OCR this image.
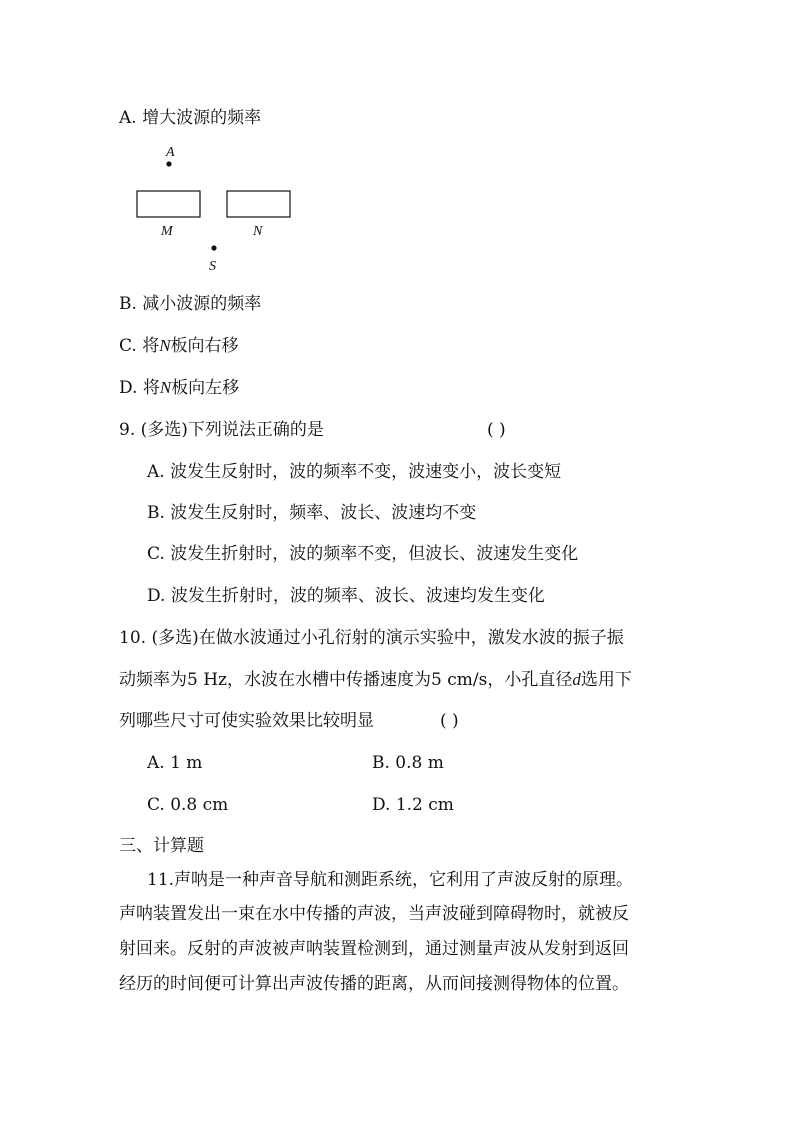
A. 增大波源的频率
A
M	N
S
B. 减小波源的频率
C. 将N板向右移
D. 将N板向左移
9. (多选)下列说法正确的是	( )
A. 波发生反射时，波的频率不变，波速变小，波长变短
B. 波发生反射时，频率、波长、波速均不变
C. 波发生折射时，波的频率不变，但波长、波速发生变化
D. 波发生折射时，波的频率、波长、波速均发生变化
10. (多选)在做水波通过小孔衍射的演示实验中，激发水波的振子振
动频率为5 Hz，水波在水槽中传播速度为5 cm/s，小孔直径d选用下
列哪些尺寸可使实验效果比较明显	( )
A. 1 m	B. 0.8 m
C. 0.8 cm	D. 1.2 cm
三、计算题
11.声呐是一种声音导航和测距系统，它利用了声波反射的原理。
声呐装置发出一束在水中传播的声波，当声波碰到障碍物时，就被反
射回来。反射的声波被声呐装置检测到，通过测量声波从发射到返回
经历的时间便可计算出声波传播的距离，从而间接测得物体的位置。
